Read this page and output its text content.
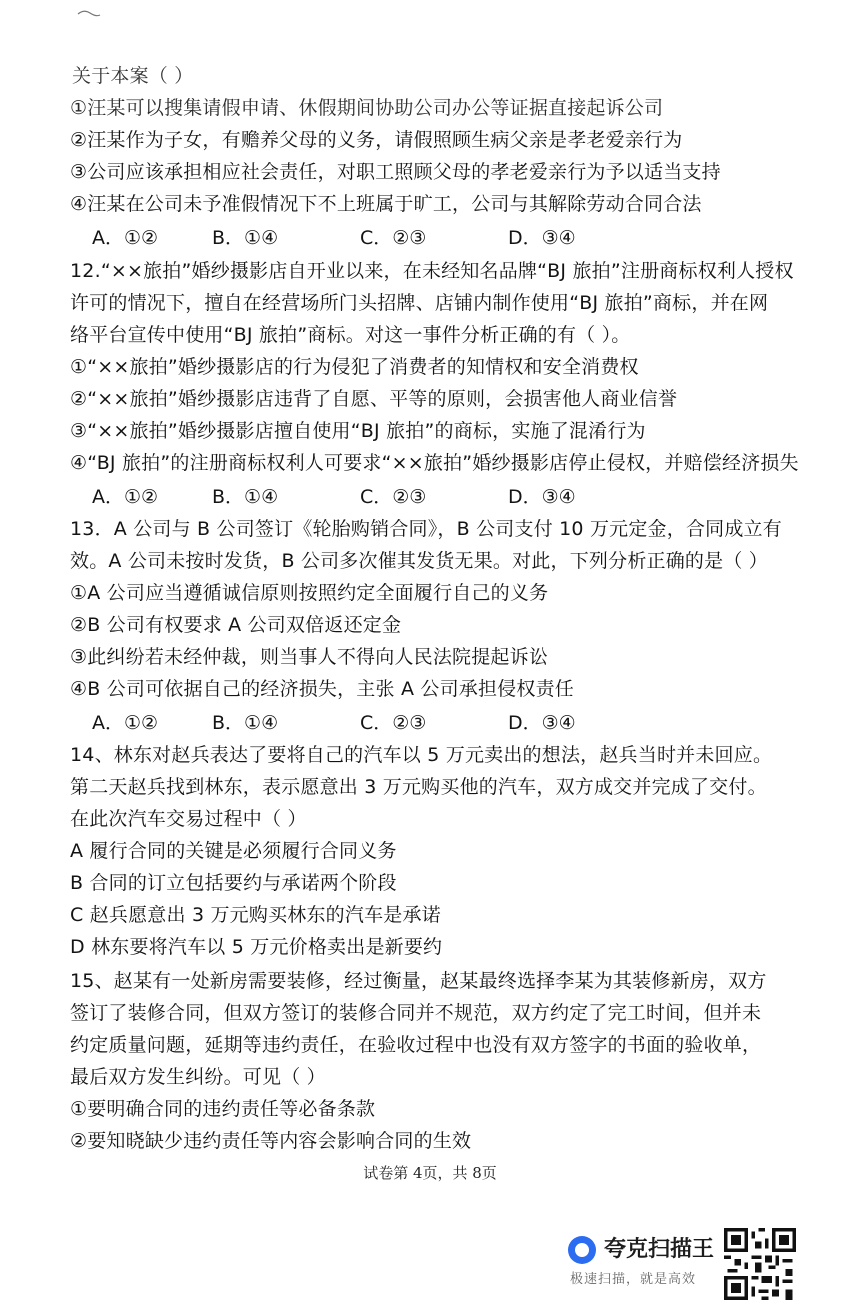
关于本案（ ）
①汪某可以搜集请假申请、休假期间协助公司办公等证据直接起诉公司
②汪某作为子女，有赡养父母的义务，请假照顾生病父亲是孝老爱亲行为
③公司应该承担相应社会责任，对职工照顾父母的孝老爱亲行为予以适当支持
④汪某在公司未予准假情况下不上班属于旷工，公司与其解除劳动合同合法
A．①②	B．①④	C．②③	D．③④
12.“××旅拍”婚纱摄影店自开业以来，在未经知名品牌“BJ 旅拍”注册商标权利人授权
许可的情况下，擅自在经营场所门头招牌、店铺内制作使用“BJ 旅拍”商标，并在网
络平台宣传中使用“BJ 旅拍”商标。对这一事件分析正确的有（ ）。
①“××旅拍”婚纱摄影店的行为侵犯了消费者的知情权和安全消费权
②“××旅拍”婚纱摄影店违背了自愿、平等的原则，会损害他人商业信誉
③“××旅拍”婚纱摄影店擅自使用“BJ 旅拍”的商标，实施了混淆行为
④“BJ 旅拍”的注册商标权利人可要求“××旅拍”婚纱摄影店停止侵权，并赔偿经济损失
A．①②	B．①④	C．②③	D．③④
13．A 公司与 B 公司签订《轮胎购销合同》，B 公司支付 10 万元定金，合同成立有
效。A 公司未按时发货，B 公司多次催其发货无果。对此，下列分析正确的是（ ）
①A 公司应当遵循诚信原则按照约定全面履行自己的义务
②B 公司有权要求 A 公司双倍返还定金
③此纠纷若未经仲裁，则当事人不得向人民法院提起诉讼
④B 公司可依据自己的经济损失，主张 A 公司承担侵权责任
A．①②	B．①④	C．②③	D．③④
14、林东对赵兵表达了要将自己的汽车以 5 万元卖出的想法，赵兵当时并未回应。
第二天赵兵找到林东，表示愿意出 3 万元购买他的汽车，双方成交并完成了交付。
在此次汽车交易过程中（ ）
A 履行合同的关键是必须履行合同义务
B 合同的订立包括要约与承诺两个阶段
C 赵兵愿意出 3 万元购买林东的汽车是承诺
D 林东要将汽车以 5 万元价格卖出是新要约
15、赵某有一处新房需要装修，经过衡量，赵某最终选择李某为其装修新房，双方
签订了装修合同，但双方签订的装修合同并不规范，双方约定了完工时间，但并未
约定质量问题，延期等违约责任，在验收过程中也没有双方签字的书面的验收单，
最后双方发生纠纷。可见（ ）
①要明确合同的违约责任等必备条款
②要知晓缺少违约责任等内容会影响合同的生效
试卷第 4页，共 8页
夸克扫描王
极速扫描，就是高效
